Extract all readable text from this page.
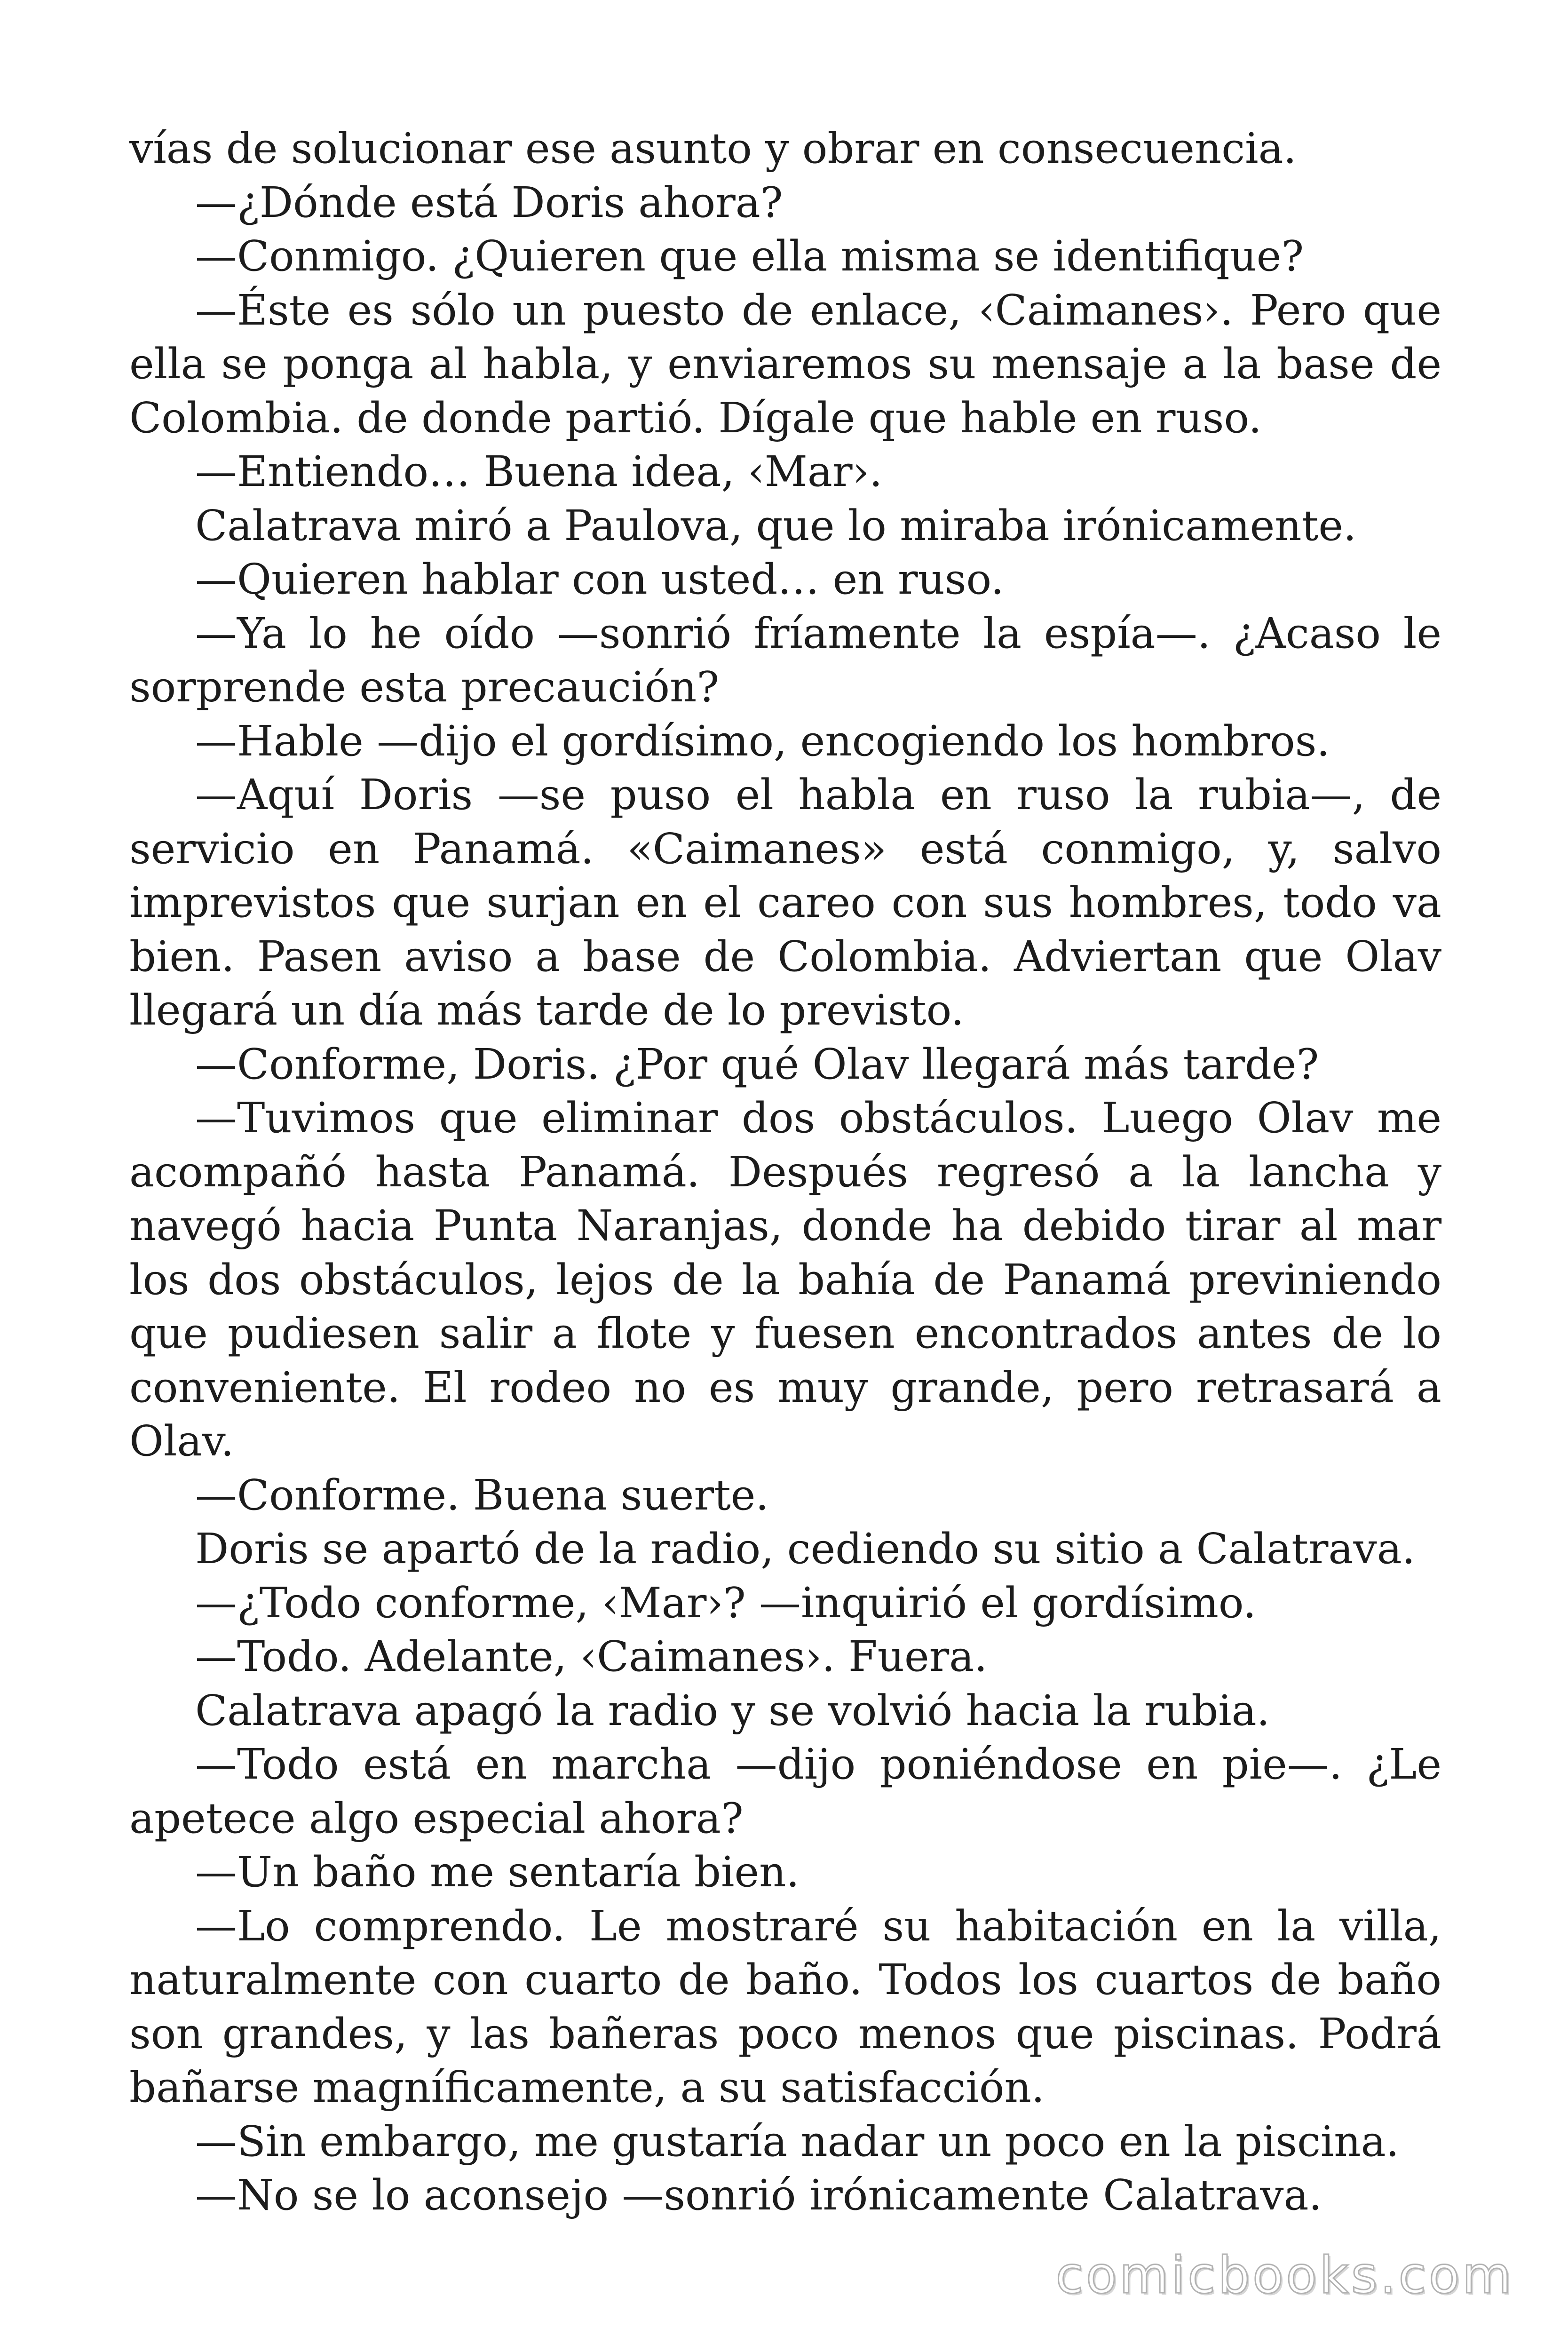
vías de solucionar ese asunto y obrar en consecuencia.

—¿Dónde está Doris ahora?

—Conmigo. ¿Quieren que ella misma se identifique?

—Éste es sólo un puesto de enlace, ‹Caimanes›. Pero que ella se ponga al habla, y enviaremos su mensaje a la base de Colombia. de donde partió. Dígale que hable en ruso.

—Entiendo… Buena idea, ‹Mar›.

Calatrava miró a Paulova, que lo miraba irónicamente.

—Quieren hablar con usted… en ruso.

—Ya lo he oído —sonrió fríamente la espía—. ¿Acaso le sorprende esta precaución?

—Hable —dijo el gordísimo, encogiendo los hombros.

—Aquí Doris —se puso el habla en ruso la rubia—, de servicio en Panamá. «Caimanes» está conmigo, y, salvo imprevistos que surjan en el careo con sus hombres, todo va bien. Pasen aviso a base de Colombia. Adviertan que Olav llegará un día más tarde de lo previsto.

—Conforme, Doris. ¿Por qué Olav llegará más tarde?

—Tuvimos que eliminar dos obstáculos. Luego Olav me acompañó hasta Panamá. Después regresó a la lancha y navegó hacia Punta Naranjas, donde ha debido tirar al mar los dos obstáculos, lejos de la bahía de Panamá previniendo que pudiesen salir a flote y fuesen encontrados antes de lo conveniente. El rodeo no es muy grande, pero retrasará a Olav.

—Conforme. Buena suerte.

Doris se apartó de la radio, cediendo su sitio a Calatrava.

—¿Todo conforme, ‹Mar›? —inquirió el gordísimo.

—Todo. Adelante, ‹Caimanes›. Fuera.

Calatrava apagó la radio y se volvió hacia la rubia.

—Todo está en marcha —dijo poniéndose en pie—. ¿Le apetece algo especial ahora?

—Un baño me sentaría bien.

—Lo comprendo. Le mostraré su habitación en la villa, naturalmente con cuarto de baño. Todos los cuartos de baño son grandes, y las bañeras poco menos que piscinas. Podrá bañarse magníficamente, a su satisfacción.

—Sin embargo, me gustaría nadar un poco en la piscina.

—No se lo aconsejo —sonrió irónicamente Calatrava.

comicbooks.com
